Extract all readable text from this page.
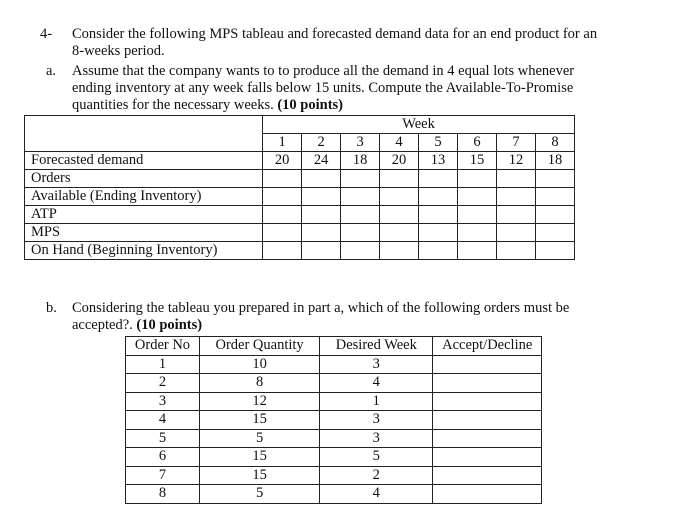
4- Consider the following MPS tableau and forecasted demand data for an end product for an
8-weeks period.
a. Assume that the company wants to to produce all the demand in 4 equal lots whenever
ending inventory at any week falls below 15 units. Compute the Available-To-Promise
quantities for the necessary weeks. (10 points)
	Week							
	1	2	3	4	5	6	7	8
Forecasted demand	20	24	18	20	13	15	12	18
Orders								
Available (Ending Inventory)								
ATP								
MPS								
On Hand (Beginning Inventory)								
b. Considering the tableau you prepared in part a, which of the following orders must be
accepted?. (10 points)
Order No	Order Quantity	Desired Week	Accept/Decline
1	10	3	
2	8	4	
3	12	1	
4	15	3	
5	5	3	
6	15	5	
7	15	2	
8	5	4	
